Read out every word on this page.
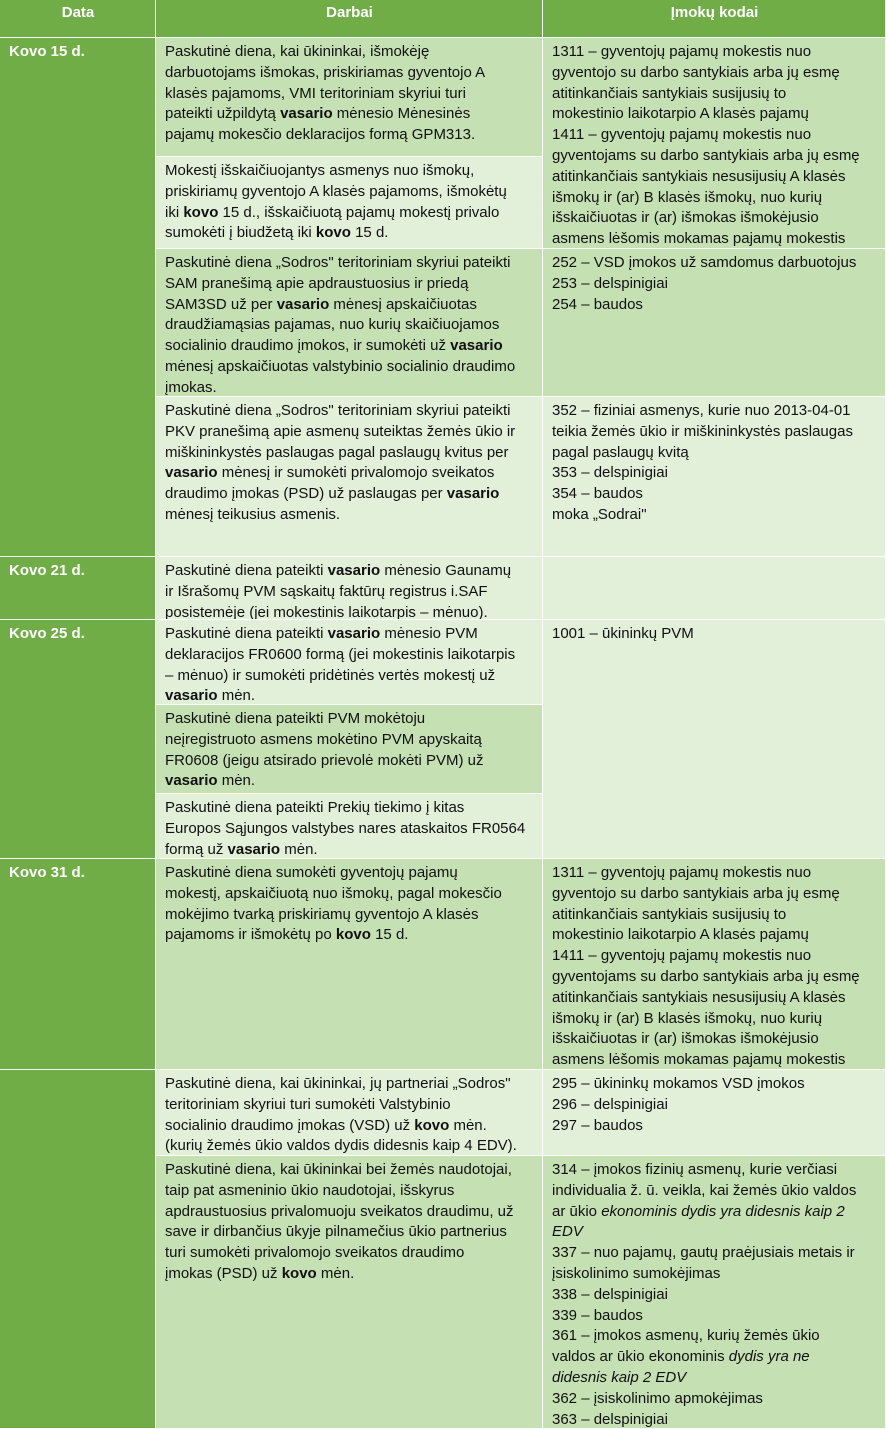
Data	Darbai	Įmokų kodai
Kovo 15 d.
Kovo 21 d.
Kovo 25 d.
Kovo 31 d.
Paskutinė diena, kai ūkininkai, išmokėję
darbuotojams išmokas, priskiriamas gyventojo A
klasės pajamoms, VMI teritoriniam skyriui turi
pateikti užpildytą vasario mėnesio Mėnesinės
pajamų mokesčio deklaracijos formą GPM313.
Mokestį išskaičiuojantys asmenys nuo išmokų,
priskiriamų gyventojo A klasės pajamoms, išmokėtų
iki kovo 15 d., išskaičiuotą pajamų mokestį privalo
sumokėti į biudžetą iki kovo 15 d.
Paskutinė diena „Sodros" teritoriniam skyriui pateikti
SAM pranešimą apie apdraustuosius ir priedą
SAM3SD už per vasario mėnesį apskaičiuotas
draudžiamąsias pajamas, nuo kurių skaičiuojamos
socialinio draudimo įmokos, ir sumokėti už vasario
mėnesį apskaičiuotas valstybinio socialinio draudimo
įmokas.
Paskutinė diena „Sodros" teritoriniam skyriui pateikti
PKV pranešimą apie asmenų suteiktas žemės ūkio ir
miškininkystės paslaugas pagal paslaugų kvitus per
vasario mėnesį ir sumokėti privalomojo sveikatos
draudimo įmokas (PSD) už paslaugas per vasario
mėnesį teikusius asmenis.
Paskutinė diena pateikti vasario mėnesio Gaunamų
ir Išrašomų PVM sąskaitų faktūrų registrus i.SAF
posistemėje (jei mokestinis laikotarpis – mėnuo).
Paskutinė diena pateikti vasario mėnesio PVM
deklaracijos FR0600 formą (jei mokestinis laikotarpis
– mėnuo) ir sumokėti pridėtinės vertės mokestį už
vasario mėn.
Paskutinė diena pateikti PVM mokėtoju
neįregistruoto asmens mokėtino PVM apyskaitą
FR0608 (jeigu atsirado prievolė mokėti PVM) už
vasario mėn.
Paskutinė diena pateikti Prekių tiekimo į kitas
Europos Sąjungos valstybes nares ataskaitos FR0564
formą už vasario mėn.
Paskutinė diena sumokėti gyventojų pajamų
mokestį, apskaičiuotą nuo išmokų, pagal mokesčio
mokėjimo tvarką priskiriamų gyventojo A klasės
pajamoms ir išmokėtų po kovo 15 d.
Paskutinė diena, kai ūkininkai, jų partneriai „Sodros"
teritoriniam skyriui turi sumokėti Valstybinio
socialinio draudimo įmokas (VSD) už kovo mėn.
(kurių žemės ūkio valdos dydis didesnis kaip 4 EDV).
Paskutinė diena, kai ūkininkai bei žemės naudotojai,
taip pat asmeninio ūkio naudotojai, išskyrus
apdraustuosius privalomuoju sveikatos draudimu, už
save ir dirbančius ūkyje pilnamečius ūkio partnerius
turi sumokėti privalomojo sveikatos draudimo
įmokas (PSD) už kovo mėn.
1311 – gyventojų pajamų mokestis nuo
gyventojo su darbo santykiais arba jų esmę
atitinkančiais santykiais susijusių to
mokestinio laikotarpio A klasės pajamų
1411 – gyventojų pajamų mokestis nuo
gyventojams su darbo santykiais arba jų esmę
atitinkančiais santykiais nesusijusių A klasės
išmokų ir (ar) B klasės išmokų, nuo kurių
išskaičiuotas ir (ar) išmokas išmokėjusio
asmens lėšomis mokamas pajamų mokestis
252 – VSD įmokos už samdomus darbuotojus
253 – delspinigiai
254 – baudos
352 – fiziniai asmenys, kurie nuo 2013-04-01
teikia žemės ūkio ir miškininkystės paslaugas
pagal paslaugų kvitą
353 – delspinigiai
354 – baudos
moka „Sodrai"
1001 – ūkininkų PVM
1311 – gyventojų pajamų mokestis nuo
gyventojo su darbo santykiais arba jų esmę
atitinkančiais santykiais susijusių to
mokestinio laikotarpio A klasės pajamų
1411 – gyventojų pajamų mokestis nuo
gyventojams su darbo santykiais arba jų esmę
atitinkančiais santykiais nesusijusių A klasės
išmokų ir (ar) B klasės išmokų, nuo kurių
išskaičiuotas ir (ar) išmokas išmokėjusio
asmens lėšomis mokamas pajamų mokestis
295 – ūkininkų mokamos VSD įmokos
296 – delspinigiai
297 – baudos
314 – įmokos fizinių asmenų, kurie verčiasi
individualia ž. ū. veikla, kai žemės ūkio valdos
ar ūkio ekonominis dydis yra didesnis kaip 2
EDV
337 – nuo pajamų, gautų praėjusiais metais ir
įsiskolinimo sumokėjimas
338 – delspinigiai
339 – baudos
361 – įmokos asmenų, kurių žemės ūkio
valdos ar ūkio ekonominis dydis yra ne
didesnis kaip 2 EDV
362 – įsiskolinimo apmokėjimas
363 – delspinigiai
